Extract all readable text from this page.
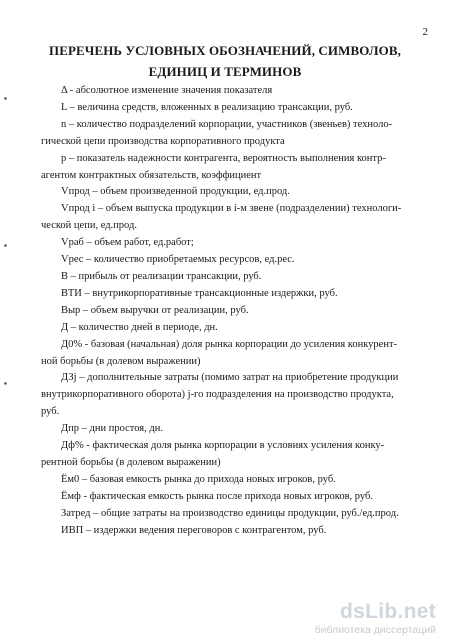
2
ПЕРЕЧЕНЬ УСЛОВНЫХ ОБОЗНАЧЕНИЙ, СИМВОЛОВ,
ЕДИНИЦ И ТЕРМИНОВ
▪
▪
▪

Δ - абсолютное изменение значения показателя

L – величина средств, вложенных в реализацию трансакции, руб.

n – количество подразделений корпорации, участников (звеньев) техноло-

гической цепи производства корпоративного продукта

р – показатель надежности контрагента, вероятность выполнения контр-

агентом контрактных обязательств, коэффициент

Vпрод – объем произведенной продукции, ед.прод.

Vпрод i – объем выпуска продукции в i-м звене (подразделении) технологи-

ческой цепи, ед.прод.

Vраб – объем работ, ед.работ;

Vрес – количество приобретаемых ресурсов, ед.рес.

В – прибыль от реализации трансакции, руб.

ВТИ – внутрикорпоративные трансакционные издержки, руб.

Выр – объем выручки от реализации, руб.

Д – количество дней в периоде, дн.

Д0% - базовая (начальная) доля рынка корпорации до усиления конкурент-

ной борьбы (в долевом выражении)

ДЗj – дополнительные затраты (помимо затрат на приобретение продукции

внутрикорпоративного оборота) j-го подразделения на производство продукта,

руб.

Дпр – дни простоя, дн.

Дф% - фактическая доля рынка корпорации в условиях усиления конку-

рентной борьбы (в долевом выражении)

Ём0 – базовая емкость рынка до прихода новых игроков, руб.

Ёмф - фактическая емкость рынка после прихода новых игроков, руб.

Затред – общие затраты на производство единицы продукции, руб./ед.прод.

ИВП – издержки ведения переговоров с контрагентом, руб.

dsLib.net
библиотека диссертаций
